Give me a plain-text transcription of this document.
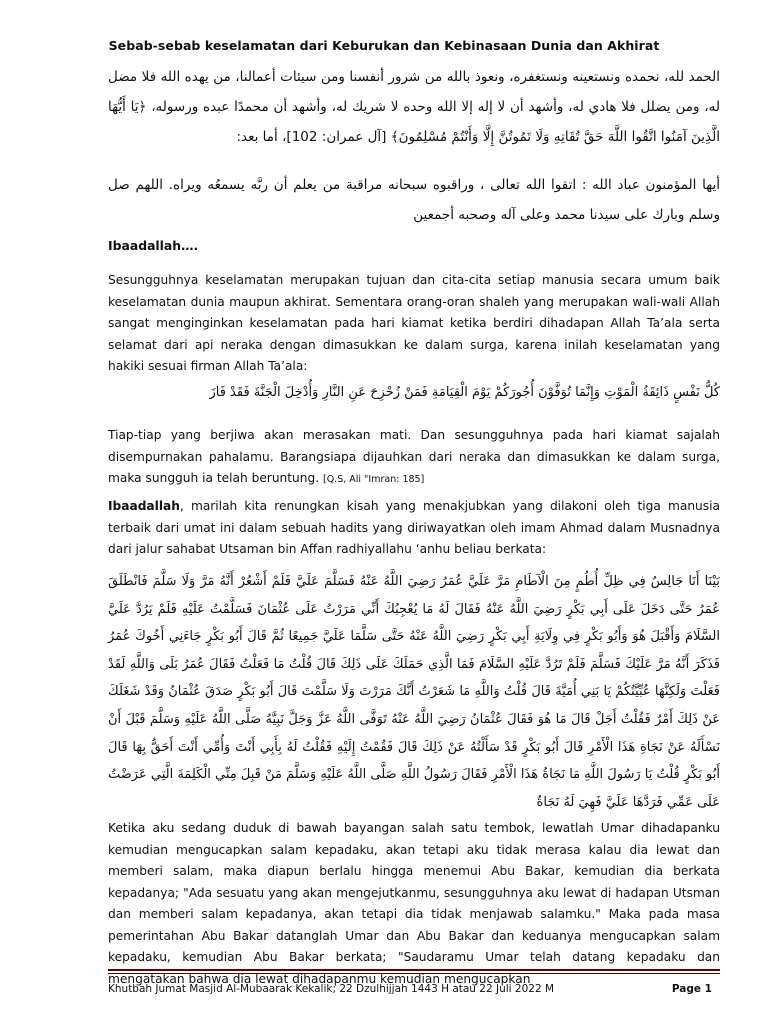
Sebab-sebab keselamatan dari Keburukan dan Kebinasaan Dunia dan Akhirat
الحمد لله، نحمده ونستعينه ونستغفره، ونعوذ بالله من شرور أنفسنا ومن سيئات أعمالنا، من يهده الله فلا مضل له، ومن يضلل فلا هادي له، وأشهد أن لا إله إلا الله وحده لا شريك له، وأشهد أن محمدًا عبده ورسوله، ﴿يَا أَيُّهَا الَّذِينَ آمَنُوا اتَّقُوا اللَّهَ حَقَّ تُقَاتِهِ وَلَا تَمُوتُنَّ إِلَّا وَأَنْتُمْ مُسْلِمُونَ﴾ [آل عمران: 102]، أما بعد:
أيها المؤمنون عباد الله : اتقوا الله تعالى ، وراقبوه سبحانه مراقبة من يعلم أن ربَّه يسمعُه ويراه. اللهم صل وسلم وبارك على سيدنا محمد وعلى آله وصحبه أجمعين
Ibaadallah….
Sesungguhnya keselamatan merupakan tujuan dan cita-cita setiap manusia secara umum baik keselamatan dunia maupun akhirat. Sementara orang-oran shaleh yang merupakan wali-wali Allah sangat menginginkan keselamatan pada hari kiamat ketika berdiri dihadapan Allah Ta’ala serta selamat dari api neraka dengan dimasukkan ke dalam surga, karena inilah keselamatan yang hakiki sesuai firman Allah Ta’ala:
كُلُّ نَفْسٍ ذَائِقَةُ الْمَوْتِ وَإِنَّمَا تُوَفَّوْنَ أُجُورَكُمْ يَوْمَ الْقِيَامَةِ فَمَنْ زُحْزِحَ عَنِ النَّارِ وَأُدْخِلَ الْجَنَّةَ فَقَدْ فَازَ
Tiap-tiap yang berjiwa akan merasakan mati. Dan sesungguhnya pada hari kiamat sajalah disempurnakan pahalamu. Barangsiapa dijauhkan dari neraka dan dimasukkan ke dalam surga, maka sungguh ia telah beruntung. [Q.S, Ali "Imran: 185]
Ibaadallah, marilah kita renungkan kisah yang menakjubkan yang dilakoni oleh tiga manusia terbaik dari umat ini dalam sebuah hadits yang diriwayatkan oleh imam Ahmad dalam Musnadnya dari jalur sahabat Utsaman bin Affan radhiyallahu ‘anhu beliau berkata:
بَيْنَا أَنَا جَالِسٌ فِي ظِلِّ أُطُمٍ مِنَ الْآطَامِ مَرَّ عَلَيَّ عُمَرُ رَضِيَ اللَّهُ عَنْهُ فَسَلَّمَ عَلَيَّ فَلَمْ أَشْعُرْ أَنَّهُ مَرَّ وَلَا سَلَّمَ فَانْطَلَقَ عُمَرُ حَتَّى دَخَلَ عَلَى أَبِي بَكْرٍ رَضِيَ اللَّهُ عَنْهُ فَقَالَ لَهُ مَا يُعْجِبُكَ أَنِّي مَرَرْتُ عَلَى عُثْمَانَ فَسَلَّمْتُ عَلَيْهِ فَلَمْ يَرُدَّ عَلَيَّ السَّلَامَ وَأَقْبَلَ هُوَ وَأَبُو بَكْرٍ فِي وِلَايَةِ أَبِي بَكْرٍ رَضِيَ اللَّهُ عَنْهُ حَتَّى سَلَّمَا عَلَيَّ جَمِيعًا ثُمَّ قَالَ أَبُو بَكْرٍ جَاءَنِي أَخُوكَ عُمَرُ فَذَكَرَ أَنَّهُ مَرَّ عَلَيْكَ فَسَلَّمَ فَلَمْ تَرُدَّ عَلَيْهِ السَّلَامَ فَمَا الَّذِي حَمَلَكَ عَلَى ذَلِكَ قَالَ قُلْتُ مَا فَعَلْتُ فَقَالَ عُمَرُ بَلَى وَاللَّهِ لَقَدْ فَعَلْتَ وَلَكِنَّهَا عُبِّيَّتُكُمْ يَا بَنِي أُمَيَّةَ قَالَ قُلْتُ وَاللَّهِ مَا شَعَرْتُ أَنَّكَ مَرَرْتَ وَلَا سَلَّمْتَ قَالَ أَبُو بَكْرٍ صَدَقَ عُثْمَانُ وَقَدْ شَغَلَكَ عَنْ ذَلِكَ أَمْرٌ فَقُلْتُ أَجَلْ قَالَ مَا هُوَ فَقَالَ عُثْمَانُ رَضِيَ اللَّهُ عَنْهُ تَوَفَّى اللَّهُ عَزَّ وَجَلَّ نَبِيَّهُ صَلَّى اللَّهُ عَلَيْهِ وَسَلَّمَ قَبْلَ أَنْ نَسْأَلَهُ عَنْ نَجَاةِ هَذَا الْأَمْرِ قَالَ أَبُو بَكْرٍ قَدْ سَأَلْتُهُ عَنْ ذَلِكَ قَالَ فَقُمْتُ إِلَيْهِ فَقُلْتُ لَهُ بِأَبِي أَنْتَ وَأُمِّي أَنْتَ أَحَقُّ بِهَا قَالَ أَبُو بَكْرٍ قُلْتُ يَا رَسُولَ اللَّهِ مَا نَجَاةُ هَذَا الْأَمْرِ فَقَالَ رَسُولُ اللَّهِ صَلَّى اللَّهُ عَلَيْهِ وَسَلَّمَ مَنْ قَبِلَ مِنِّي الْكَلِمَةَ الَّتِي عَرَضْتُ عَلَى عَمِّي فَرَدَّهَا عَلَيَّ فَهِيَ لَهُ نَجَاةٌ
Ketika aku sedang duduk di bawah bayangan salah satu tembok, lewatlah Umar dihadapanku kemudian mengucapkan salam kepadaku, akan tetapi aku tidak merasa kalau dia lewat dan memberi salam, maka diapun berlalu hingga menemui Abu Bakar, kemudian dia berkata kepadanya; "Ada sesuatu yang akan mengejutkanmu, sesungguhnya aku lewat di hadapan Utsman dan memberi salam kepadanya, akan tetapi dia tidak menjawab salamku." Maka pada masa pemerintahan Abu Bakar datanglah Umar dan Abu Bakar dan keduanya mengucapkan salam kepadaku, kemudian Abu Bakar berkata; "Saudaramu Umar telah datang kepadaku dan mengatakan bahwa dia lewat dihadapanmu kemudian mengucapkan
Khutbah Jumat Masjid Al-Mubaarak Kekalik; 22 Dzulhijjah 1443 H atau 22 Juli 2022 M	Page 1
